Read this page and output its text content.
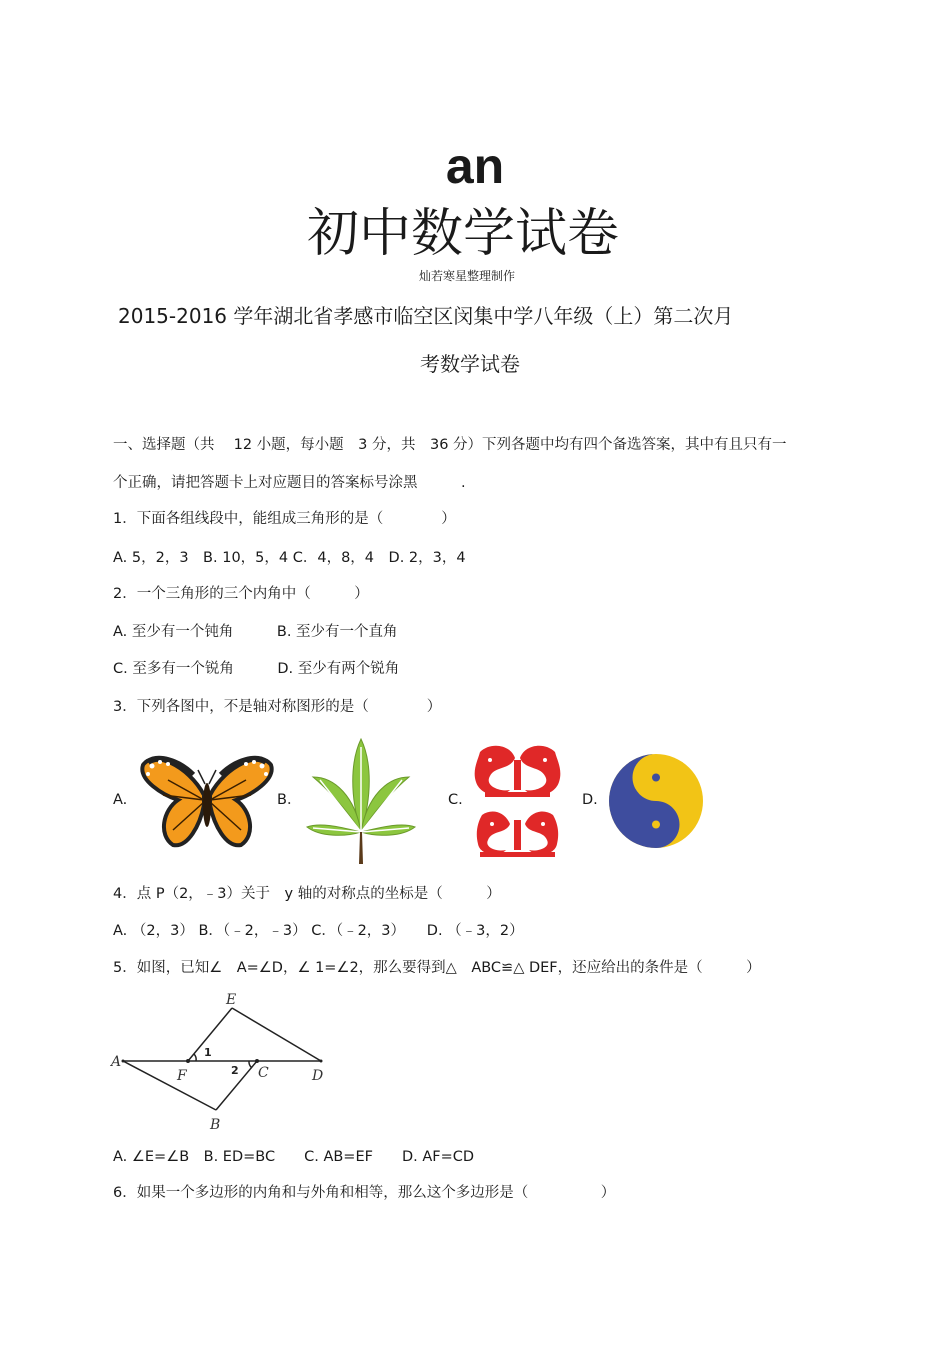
an
初中数学试卷
灿若寒星整理制作
2015-2016 学年湖北省孝感市临空区闵集中学八年级（上）第二次月
考数学试卷
一、选择题（共　 12 小题，每小题　3 分，共　36 分）下列各题中均有四个备选答案，其中有且只有一
个正确，请把答题卡上对应题目的答案标号涂黑　　　.
1．下面各组线段中，能组成三角形的是（　　　　）
A. 5，2，3　B. 10，5，4 C．4，8，4　D. 2，3，4
2．一个三角形的三个内角中（　　　）
A. 至少有一个钝角　　　B. 至少有一个直角
C. 至多有一个锐角　　　D. 至少有两个锐角
3．下列各图中，不是轴对称图形的是（　　　　）
A.	B．	C.	D.
4．点 P（2，﹣3）关于　y 轴的对称点的坐标是（　　　）
A. （2，3） B．（﹣2，﹣3） C．（﹣2，3）　　D. （﹣3，2）
5．如图，已知∠　A=∠D，∠ 1=∠2，那么要得到△　ABC≌△ DEF，还应给出的条件是（　　　）
E
A
F	C	D
B
1
2
A. ∠E=∠B　B. ED=BC　　C. AB=EF　　D. AF=CD
6．如果一个多边形的内角和与外角和相等，那么这个多边形是（　　　　　）
